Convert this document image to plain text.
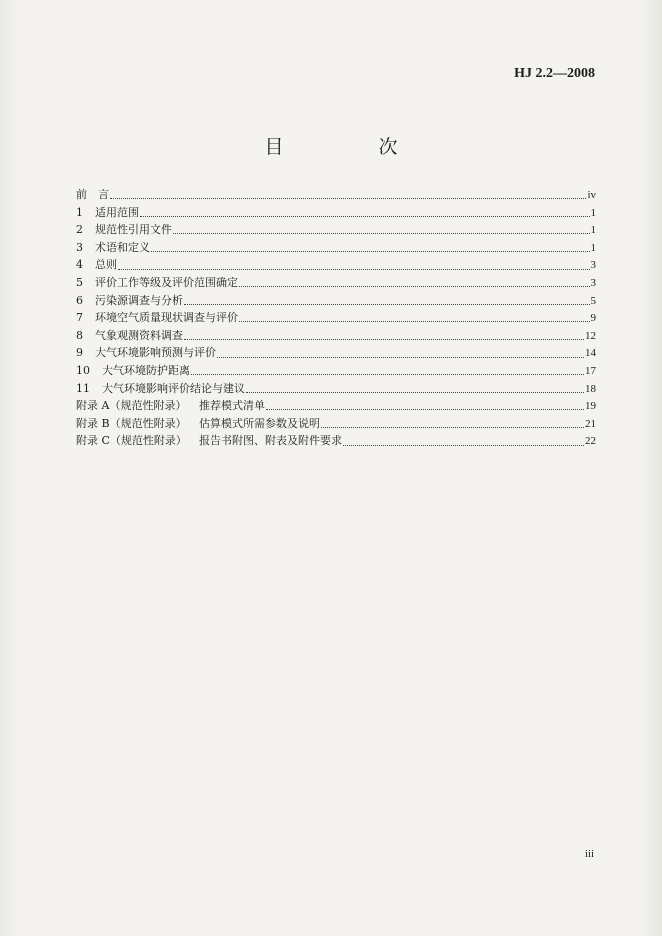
HJ 2.2—2008
目　次
前　言	iv
1	适用范围	1
2	规范性引用文件	1
3	术语和定义	1
4	总则	3
5	评价工作等级及评价范围确定	3
6	污染源调查与分析	5
7	环境空气质量现状调查与评价	9
8	气象观测资料调查	12
9	大气环境影响预测与评价	14
10	大气环境防护距离	17
11	大气环境影响评价结论与建议	18
附录 A（规范性附录）	推荐模式清单	19
附录 B（规范性附录）	估算模式所需参数及说明	21
附录 C（规范性附录）	报告书附图、附表及附件要求	22
iii
